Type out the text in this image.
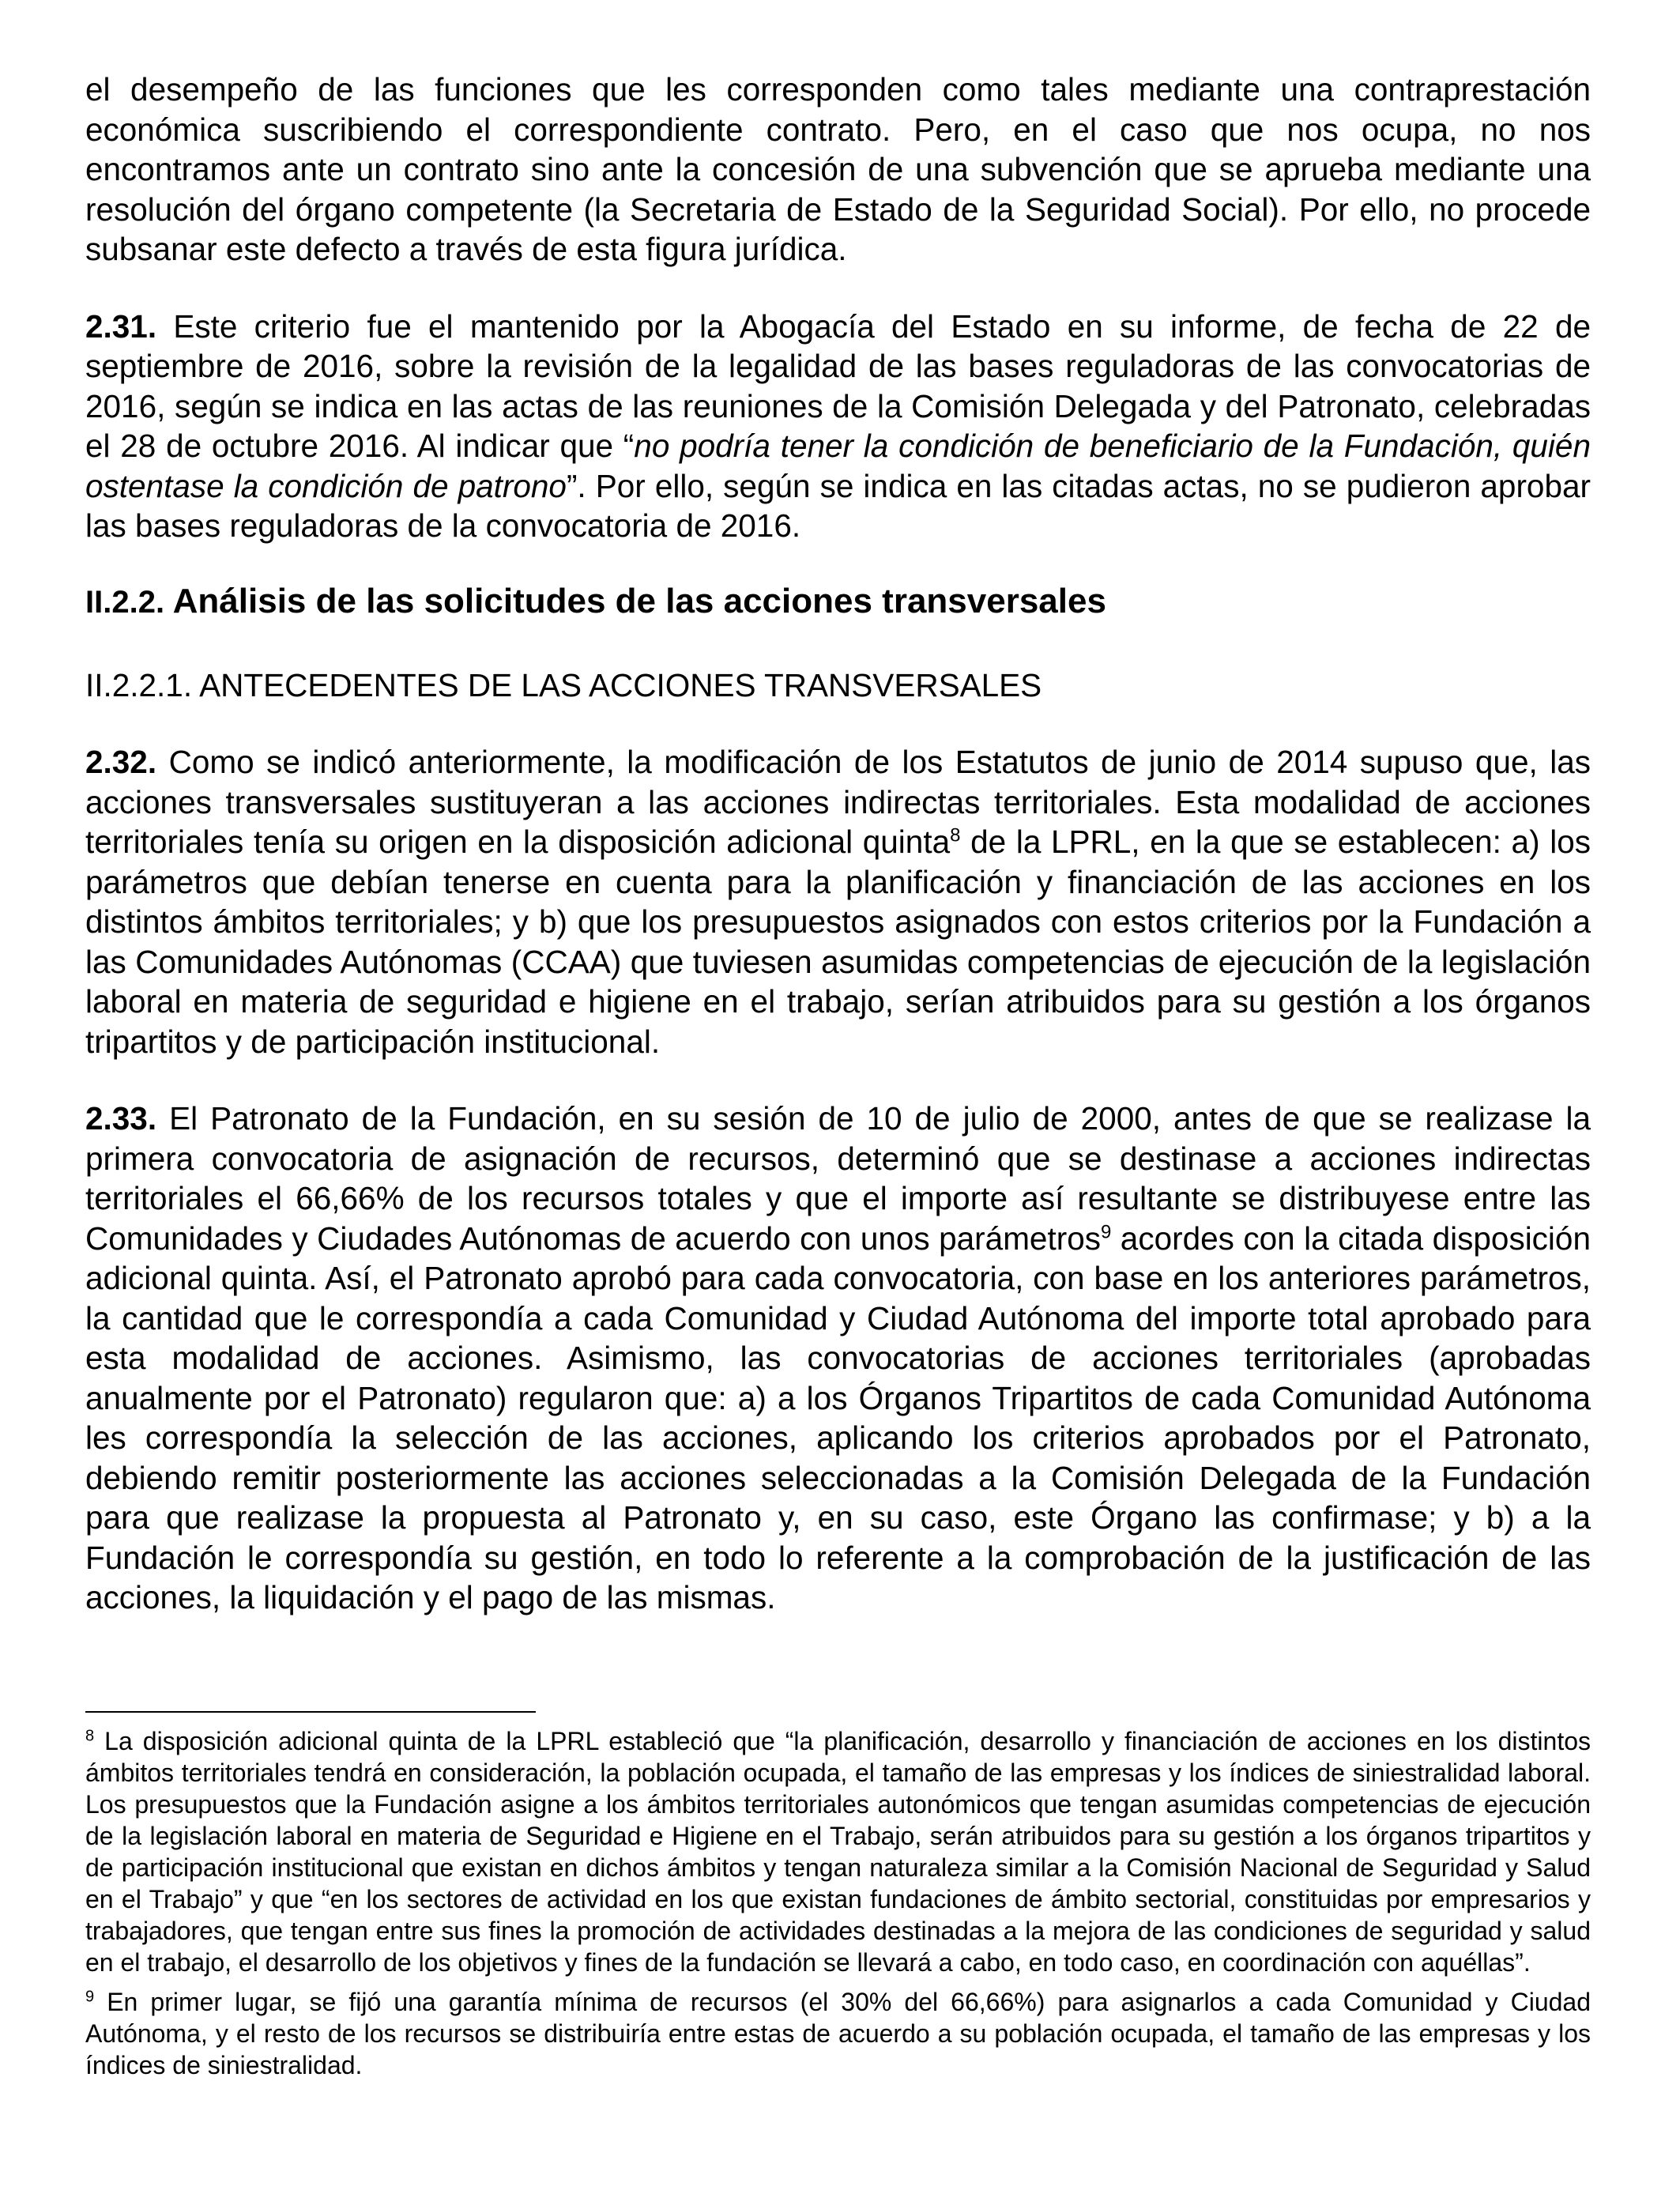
el desempeño de las funciones que les corresponden como tales mediante una contraprestación económica suscribiendo el correspondiente contrato. Pero, en el caso que nos ocupa, no nos encontramos ante un contrato sino ante la concesión de una subvención que se aprueba mediante una resolución del órgano competente (la Secretaria de Estado de la Seguridad Social). Por ello, no procede subsanar este defecto a través de esta figura jurídica.

2.31. Este criterio fue el mantenido por la Abogacía del Estado en su informe, de fecha de 22 de septiembre de 2016, sobre la revisión de la legalidad de las bases reguladoras de las convocatorias de 2016, según se indica en las actas de las reuniones de la Comisión Delegada y del Patronato, celebradas el 28 de octubre 2016. Al indicar que “no podría tener la condición de beneficiario de la Fundación, quién ostentase la condición de patrono”. Por ello, según se indica en las citadas actas, no se pudieron aprobar las bases reguladoras de la convocatoria de 2016.

II.2.2. Análisis de las solicitudes de las acciones transversales
II.2.2.1. ANTECEDENTES DE LAS ACCIONES TRANSVERSALES

2.32. Como se indicó anteriormente, la modificación de los Estatutos de junio de 2014 supuso que, las acciones transversales sustituyeran a las acciones indirectas territoriales. Esta modalidad de acciones territoriales tenía su origen en la disposición adicional quinta$^8$ de la LPRL, en la que se establecen: a) los parámetros que debían tenerse en cuenta para la planificación y financiación de las acciones en los distintos ámbitos territoriales; y b) que los presupuestos asignados con estos criterios por la Fundación a las Comunidades Autónomas (CCAA) que tuviesen asumidas competencias de ejecución de la legislación laboral en materia de seguridad e higiene en el trabajo, serían atribuidos para su gestión a los órganos tripartitos y de participación institucional.

2.33. El Patronato de la Fundación, en su sesión de 10 de julio de 2000, antes de que se realizase la primera convocatoria de asignación de recursos, determinó que se destinase a acciones indirectas territoriales el 66,66% de los recursos totales y que el importe así resultante se distribuyese entre las Comunidades y Ciudades Autónomas de acuerdo con unos parámetros$^9$ acordes con la citada disposición adicional quinta. Así, el Patronato aprobó para cada convocatoria, con base en los anteriores parámetros, la cantidad que le correspondía a cada Comunidad y Ciudad Autónoma del importe total aprobado para esta modalidad de acciones. Asimismo, las convocatorias de acciones territoriales (aprobadas anualmente por el Patronato) regularon que: a) a los Órganos Tripartitos de cada Comunidad Autónoma les correspondía la selección de las acciones, aplicando los criterios aprobados por el Patronato, debiendo remitir posteriormente las acciones seleccionadas a la Comisión Delegada de la Fundación para que realizase la propuesta al Patronato y, en su caso, este Órgano las confirmase; y b) a la Fundación le correspondía su gestión, en todo lo referente a la comprobación de la justificación de las acciones, la liquidación y el pago de las mismas.

$^8$ La disposición adicional quinta de la LPRL estableció que “la planificación, desarrollo y financiación de acciones en los distintos ámbitos territoriales tendrá en consideración, la población ocupada, el tamaño de las empresas y los índices de siniestralidad laboral. Los presupuestos que la Fundación asigne a los ámbitos territoriales autonómicos que tengan asumidas competencias de ejecución de la legislación laboral en materia de Seguridad e Higiene en el Trabajo, serán atribuidos para su gestión a los órganos tripartitos y de participación institucional que existan en dichos ámbitos y tengan naturaleza similar a la Comisión Nacional de Seguridad y Salud en el Trabajo” y que “en los sectores de actividad en los que existan fundaciones de ámbito sectorial, constituidas por empresarios y trabajadores, que tengan entre sus fines la promoción de actividades destinadas a la mejora de las condiciones de seguridad y salud en el trabajo, el desarrollo de los objetivos y fines de la fundación se llevará a cabo, en todo caso, en coordinación con aquéllas”.

$^9$ En primer lugar, se fijó una garantía mínima de recursos (el 30% del 66,66%) para asignarlos a cada Comunidad y Ciudad Autónoma, y el resto de los recursos se distribuiría entre estas de acuerdo a su población ocupada, el tamaño de las empresas y los índices de siniestralidad.
